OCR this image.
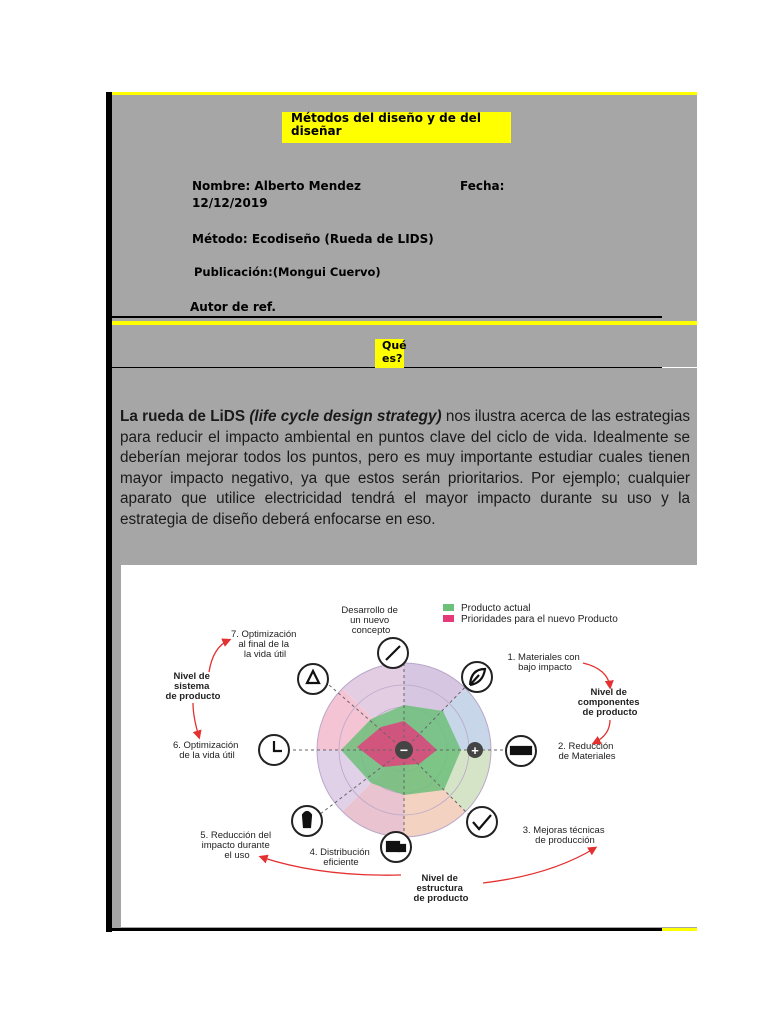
Métodos del diseño y de del diseñar
Nombre: Alberto Mendez	Fecha:
12/12/2019
Método: Ecodiseño (Rueda de LIDS)
Publicación:(Mongui Cuervo)
Autor de ref.
Qué es?
La rueda de LiDS (life cycle design strategy) nos ilustra acerca de las estrategias para reducir el impacto ambiental en puntos clave del ciclo de vida. Idealmente se deberían mejorar todos los puntos, pero es muy importante estudiar cuales tienen mayor impacto negativo, ya que estos serán prioritarios. Por ejemplo; cualquier aparato que utilice electricidad tendrá el mayor impacto durante su uso y la estrategia de diseño deberá enfocarse en eso.
Producto actual
Prioridades para el nuevo Producto
−	+
Desarrollo de un nuevo concepto
1. Materiales con bajo impacto
2. Reducción de Materiales
3. Mejoras técnicas de producción
4. Distribución eficiente
5. Reducción del impacto durante el uso
6. Optimización de la vida útil
7. Optimización al final de la la vida útil
Nivel de componentes de producto
Nivel de estructura de producto
Nivel de sistema de producto
